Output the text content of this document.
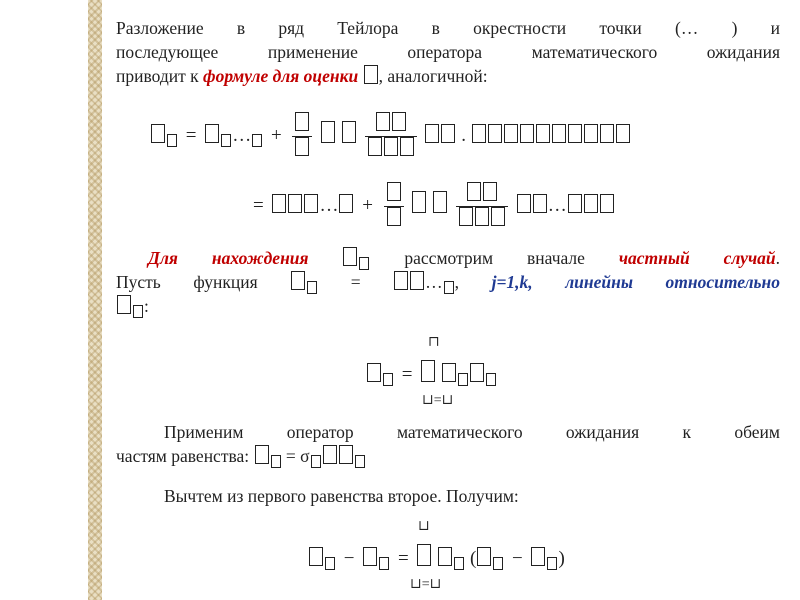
Разложение в ряд Тейлора в окрестности точки (… ) и
последующее применение оператора математического ожидания
приводит к формуле для оценки , аналогичной:
= … +
	.
=	… +
	…
Для нахождения	рассмотрим вначале частный случай.
Пусть функция	=	… , j=1,k, линейны относительно
:
⊓
=
⊔=⊔
Применим оператор математического ожидания к обеим
частям равенства: = σ
Вычтем из первого равенства второе. Получим:
⊔
− =	( − )
⊔=⊔
